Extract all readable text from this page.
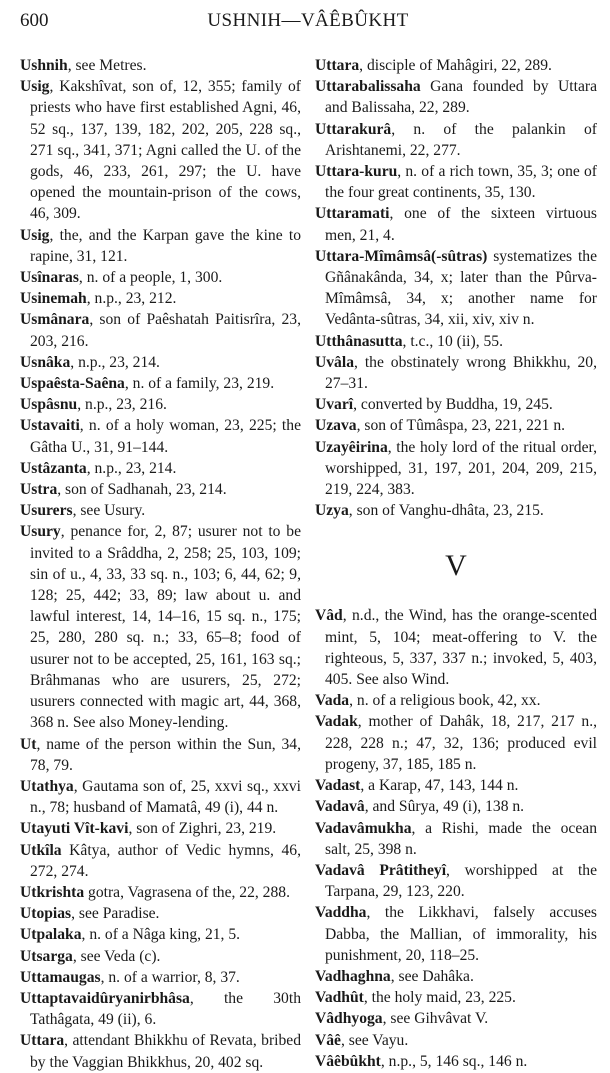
600	USHNIH—VÂÊBÛKHT

Ushnih, see Metres.

Usig, Kakshîvat, son of, 12, 355; family of priests who have first established Agni, 46, 52 sq., 137, 139, 182, 202, 205, 228 sq., 271 sq., 341, 371; Agni called the U. of the gods, 46, 233, 261, 297; the U. have opened the mountain-prison of the cows, 46, 309.

Usig, the, and the Karpan gave the kine to rapine, 31, 121.

Usînaras, n. of a people, 1, 300.

Usinemah, n.p., 23, 212.

Usmânara, son of Paêshatah Paitisrîra, 23, 203, 216.

Usnâka, n.p., 23, 214.

Uspaêsta-Saêna, n. of a family, 23, 219.

Uspâsnu, n.p., 23, 216.

Ustavaiti, n. of a holy woman, 23, 225; the Gâtha U., 31, 91–144.

Ustâzanta, n.p., 23, 214.

Ustra, son of Sadhanah, 23, 214.

Usurers, see Usury.

Usury, penance for, 2, 87; usurer not to be invited to a Srâddha, 2, 258; 25, 103, 109; sin of u., 4, 33, 33 sq. n., 103; 6, 44, 62; 9, 128; 25, 442; 33, 89; law about u. and lawful interest, 14, 14–16, 15 sq. n., 175; 25, 280, 280 sq. n.; 33, 65–8; food of usurer not to be accepted, 25, 161, 163 sq.; Brâhmanas who are usurers, 25, 272; usurers connected with magic art, 44, 368, 368 n. See also Money-lending.

Ut, name of the person within the Sun, 34, 78, 79.

Utathya, Gautama son of, 25, xxvi sq., xxvi n., 78; husband of Mamatâ, 49 (i), 44 n.

Utayuti Vît-kavi, son of Zighri, 23, 219.

Utkîla Kâtya, author of Vedic hymns, 46, 272, 274.

Utkrishta gotra, Vagrasena of the, 22, 288.

Utopias, see Paradise.

Utpalaka, n. of a Nâga king, 21, 5.

Utsarga, see Veda (c).

Uttamaugas, n. of a warrior, 8, 37.

Uttaptavaidûryanirbhâsa, the 30th Tathâgata, 49 (ii), 6.

Uttara, attendant Bhikkhu of Revata, bribed by the Vaggian Bhikkhus, 20, 402 sq.

Uttara, disciple of Mahâgiri, 22, 289.

Uttarabalissaha Gana founded by Uttara and Balissaha, 22, 289.

Uttarakurâ, n. of the palankin of Arishtanemi, 22, 277.

Uttara-kuru, n. of a rich town, 35, 3; one of the four great continents, 35, 130.

Uttaramati, one of the sixteen virtuous men, 21, 4.

Uttara-Mîmâmsâ(-sûtras) systematizes the Gñânakânda, 34, x; later than the Pûrva-Mîmâmsâ, 34, x; another name for Vedânta-sûtras, 34, xii, xiv, xiv n.

Utthânasutta, t.c., 10 (ii), 55.

Uvâla, the obstinately wrong Bhikkhu, 20, 27–31.

Uvarî, converted by Buddha, 19, 245.

Uzava, son of Tûmâspa, 23, 221, 221 n.

Uzayêirina, the holy lord of the ritual order, worshipped, 31, 197, 201, 204, 209, 215, 219, 224, 383.

Uzya, son of Vanghu-dhâta, 23, 215.

V

Vâd, n.d., the Wind, has the orange-scented mint, 5, 104; meat-offering to V. the righteous, 5, 337, 337 n.; invoked, 5, 403, 405. See also Wind.

Vada, n. of a religious book, 42, xx.

Vadak, mother of Dahâk, 18, 217, 217 n., 228, 228 n.; 47, 32, 136; produced evil progeny, 37, 185, 185 n.

Vadast, a Karap, 47, 143, 144 n.

Vadavâ, and Sûrya, 49 (i), 138 n.

Vadavâmukha, a Rishi, made the ocean salt, 25, 398 n.

Vadavâ Prâtitheyî, worshipped at the Tarpana, 29, 123, 220.

Vaddha, the Likkhavi, falsely accuses Dabba, the Mallian, of immorality, his punishment, 20, 118–25.

Vadhaghna, see Dahâka.

Vadhût, the holy maid, 23, 225.

Vâdhyoga, see Gihvâvat V.

Vâê, see Vayu.

Vâêbûkht, n.p., 5, 146 sq., 146 n.
